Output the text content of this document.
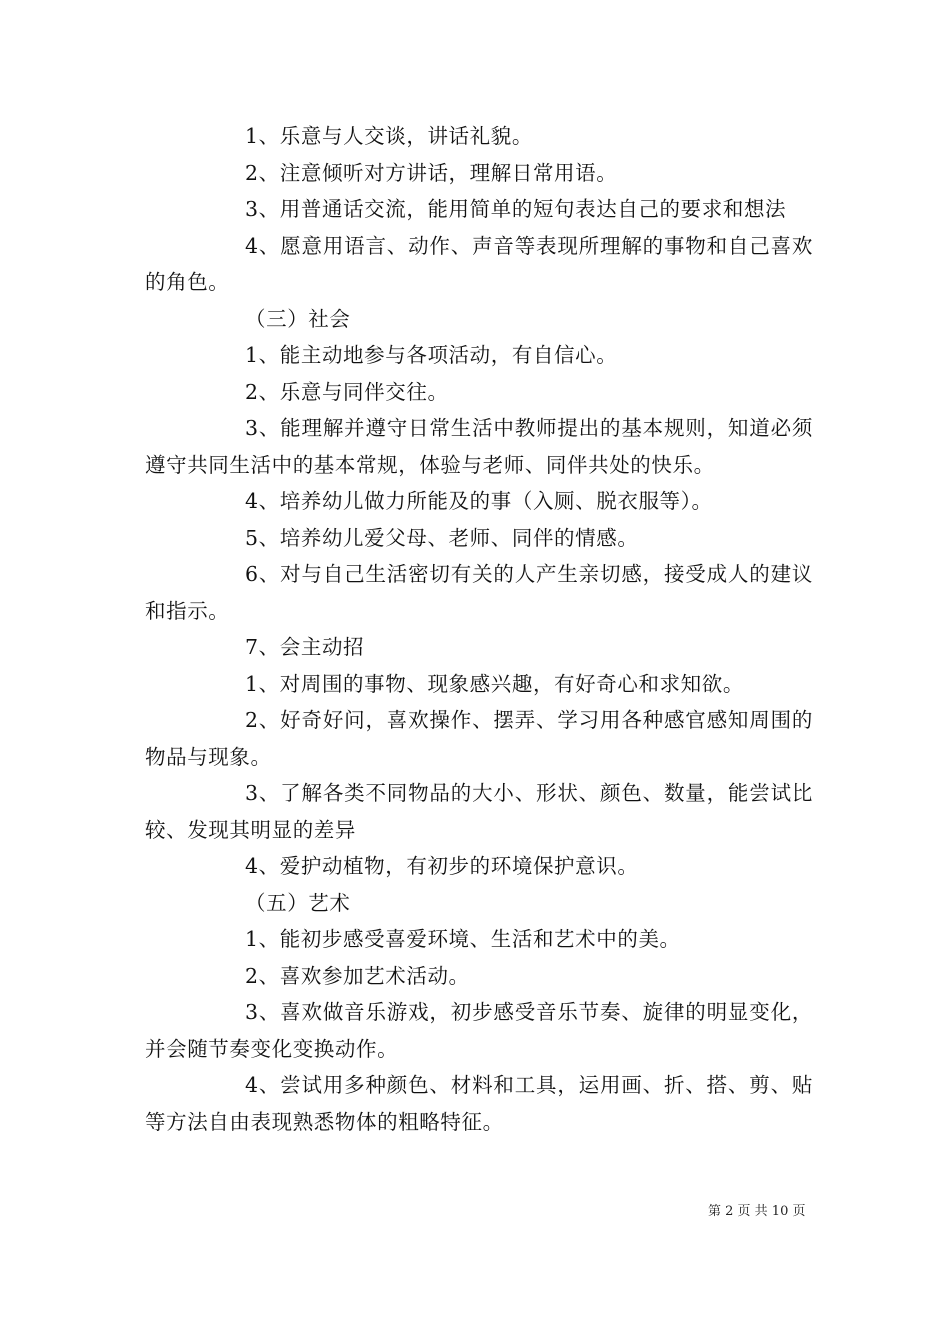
1、乐意与人交谈，讲话礼貌。

2、注意倾听对方讲话，理解日常用语。

3、用普通话交流，能用简单的短句表达自己的要求和想法

4、愿意用语言、动作、声音等表现所理解的事物和自己喜欢的角色。

（三）社会

1、能主动地参与各项活动，有自信心。

2、乐意与同伴交往。

3、能理解并遵守日常生活中教师提出的基本规则，知道必须遵守共同生活中的基本常规，体验与老师、同伴共处的快乐。

4、培养幼儿做力所能及的事（入厕、脱衣服等）。

5、培养幼儿爱父母、老师、同伴的情感。

6、对与自己生活密切有关的人产生亲切感，接受成人的建议和指示。

7、会主动招

1、对周围的事物、现象感兴趣，有好奇心和求知欲。

2、好奇好问，喜欢操作、摆弄、学习用各种感官感知周围的物品与现象。

3、了解各类不同物品的大小、形状、颜色、数量，能尝试比较、发现其明显的差异

4、爱护动植物，有初步的环境保护意识。

（五）艺术

1、能初步感受喜爱环境、生活和艺术中的美。

2、喜欢参加艺术活动。

3、喜欢做音乐游戏，初步感受音乐节奏、旋律的明显变化，并会随节奏变化变换动作。

4、尝试用多种颜色、材料和工具，运用画、折、搭、剪、贴等方法自由表现熟悉物体的粗略特征。

第 2 页 共 10 页
